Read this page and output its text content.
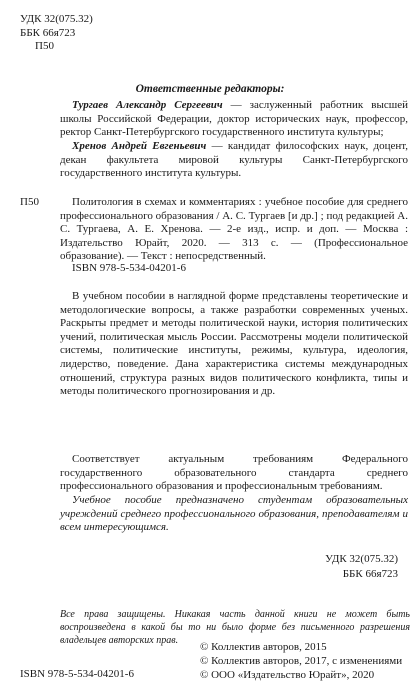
УДК 32(075.32)
ББК 66я723
П50
Ответственные редакторы:
Тургаев Александр Сергеевич — заслуженный работник высшей школы Российской Федерации, доктор исторических наук, профессор, ректор Санкт-Петербургского государственного института культуры;
Хренов Андрей Евгеньевич — кандидат философских наук, доцент, декан факультета мировой культуры Санкт-Петербургского государственного института культуры.
П50	Политология в схемах и комментариях : учебное пособие для среднего профессионального образования / А. С. Тургаев [и др.] ; под редакцией А. С. Тургаева, А. Е. Хренова. — 2-е изд., испр. и доп. — Москва : Издательство Юрайт, 2020. — 313 с. — (Профессиональное образование). — Текст : непосредственный.
ISBN 978-5-534-04201-6
В учебном пособии в наглядной форме представлены теоретические и методологические вопросы, а также разработки современных ученых. Раскрыты предмет и методы политической науки, история политических учений, политическая мысль России. Рассмотрены модели политической системы, политические институты, режимы, культура, идеология, лидерство, поведение. Дана характеристика системы международных отношений, структура разных видов политического конфликта, типы и методы политического прогнозирования и др.
Соответствует актуальным требованиям Федерального государственного образовательного стандарта среднего профессионального образования и профессиональным требованиям.
Учебное пособие предназначено студентам образовательных учреждений среднего профессионального образования, преподавателям и всем интересующимся.
УДК 32(075.32)
ББК 66я723
Все права защищены. Никакая часть данной книги не может быть воспроизведена в какой бы то ни было форме без письменного разрешения владельцев авторских прав.
© Коллектив авторов, 2015
© Коллектив авторов, 2017, с изменениями
© ООО «Издательство Юрайт», 2020
ISBN 978-5-534-04201-6
